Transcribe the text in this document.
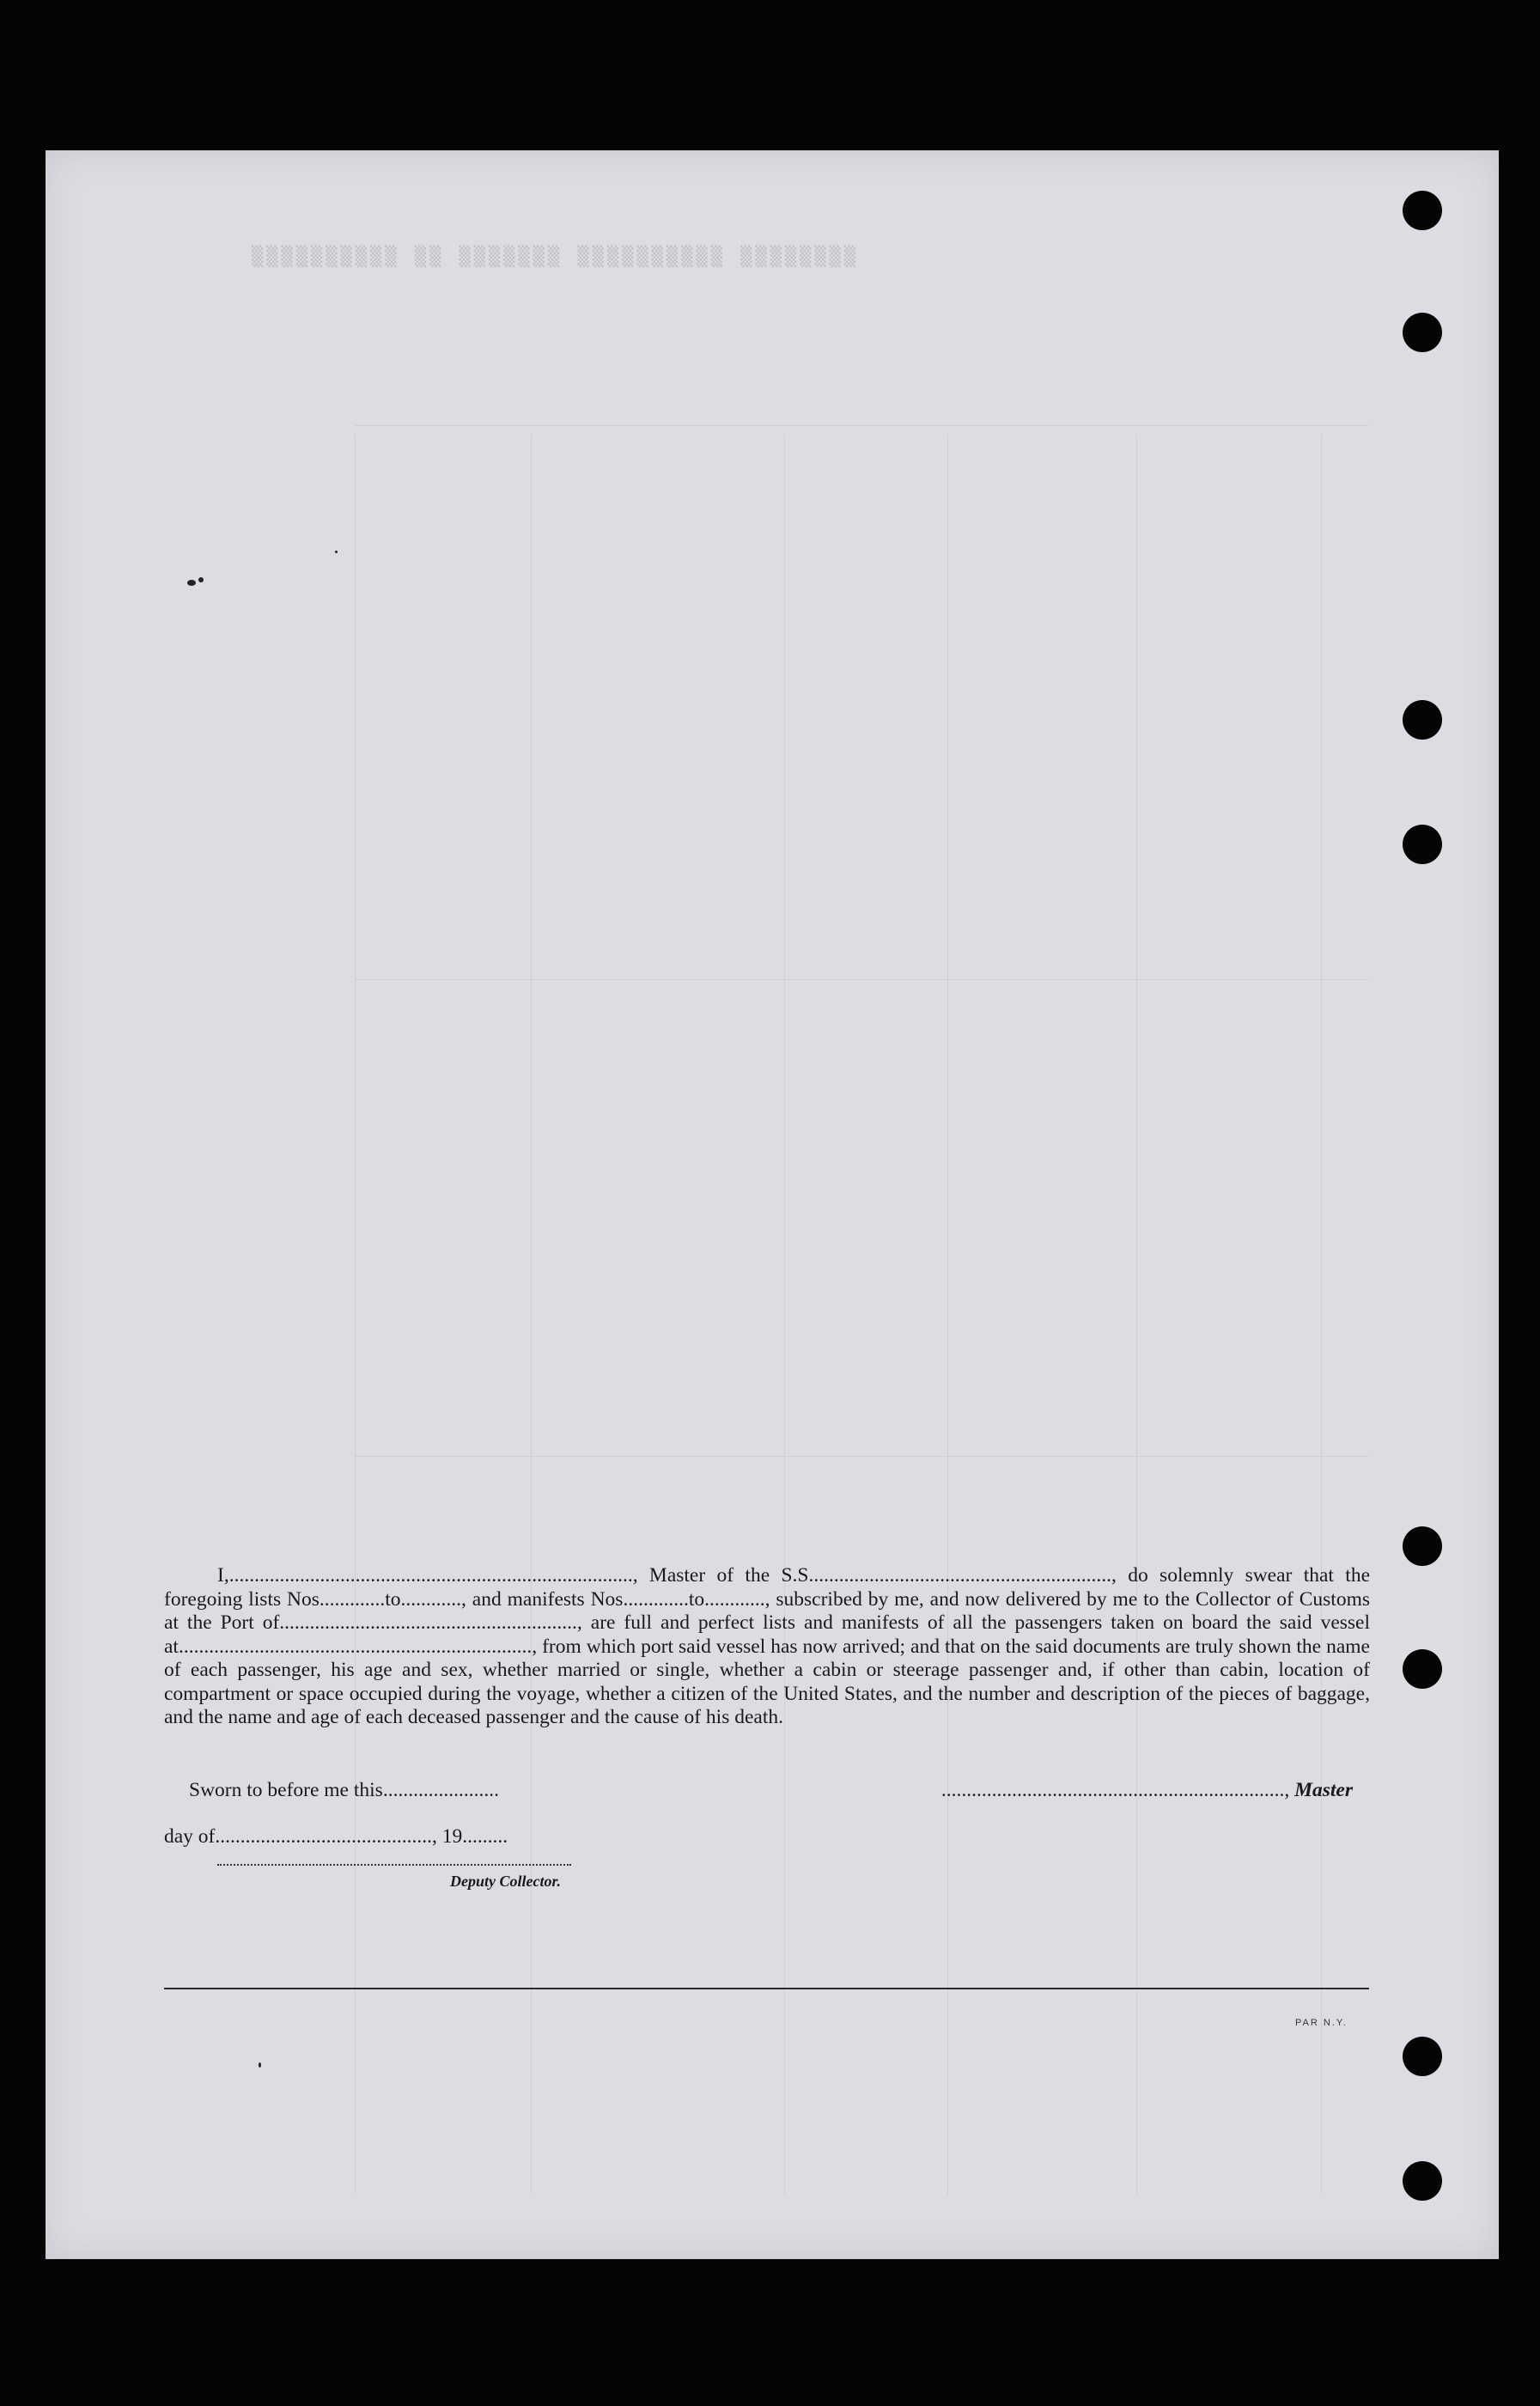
▒▒▒▒▒▒▒▒▒▒ ▒▒ ▒▒▒▒▒▒▒ ▒▒▒▒▒▒▒▒▒▒ ▒▒▒▒▒▒▒▒

I,................................................................................, Master of the S.S............................................................, do solemnly swear that the foregoing lists Nos.............to............, and manifests Nos.............to............, subscribed by me, and now delivered by me to the Collector of Customs at the Port of..........................................................., are full and perfect lists and manifests of all the passengers taken on board the said vessel at......................................................................, from which port said vessel has now arrived; and that on the said documents are truly shown the name of each passenger, his age and sex, whether married or single, whether a cabin or steerage passenger and, if other than cabin, location of compartment or space occupied during the voyage, whether a citizen of the United States, and the number and description of the pieces of baggage, and the name and age of each deceased passenger and the cause of his death.

Sworn to before me this.......................	...................................................................., Master
day of..........................................., 19.........
Deputy Collector.
PAR N.Y.
